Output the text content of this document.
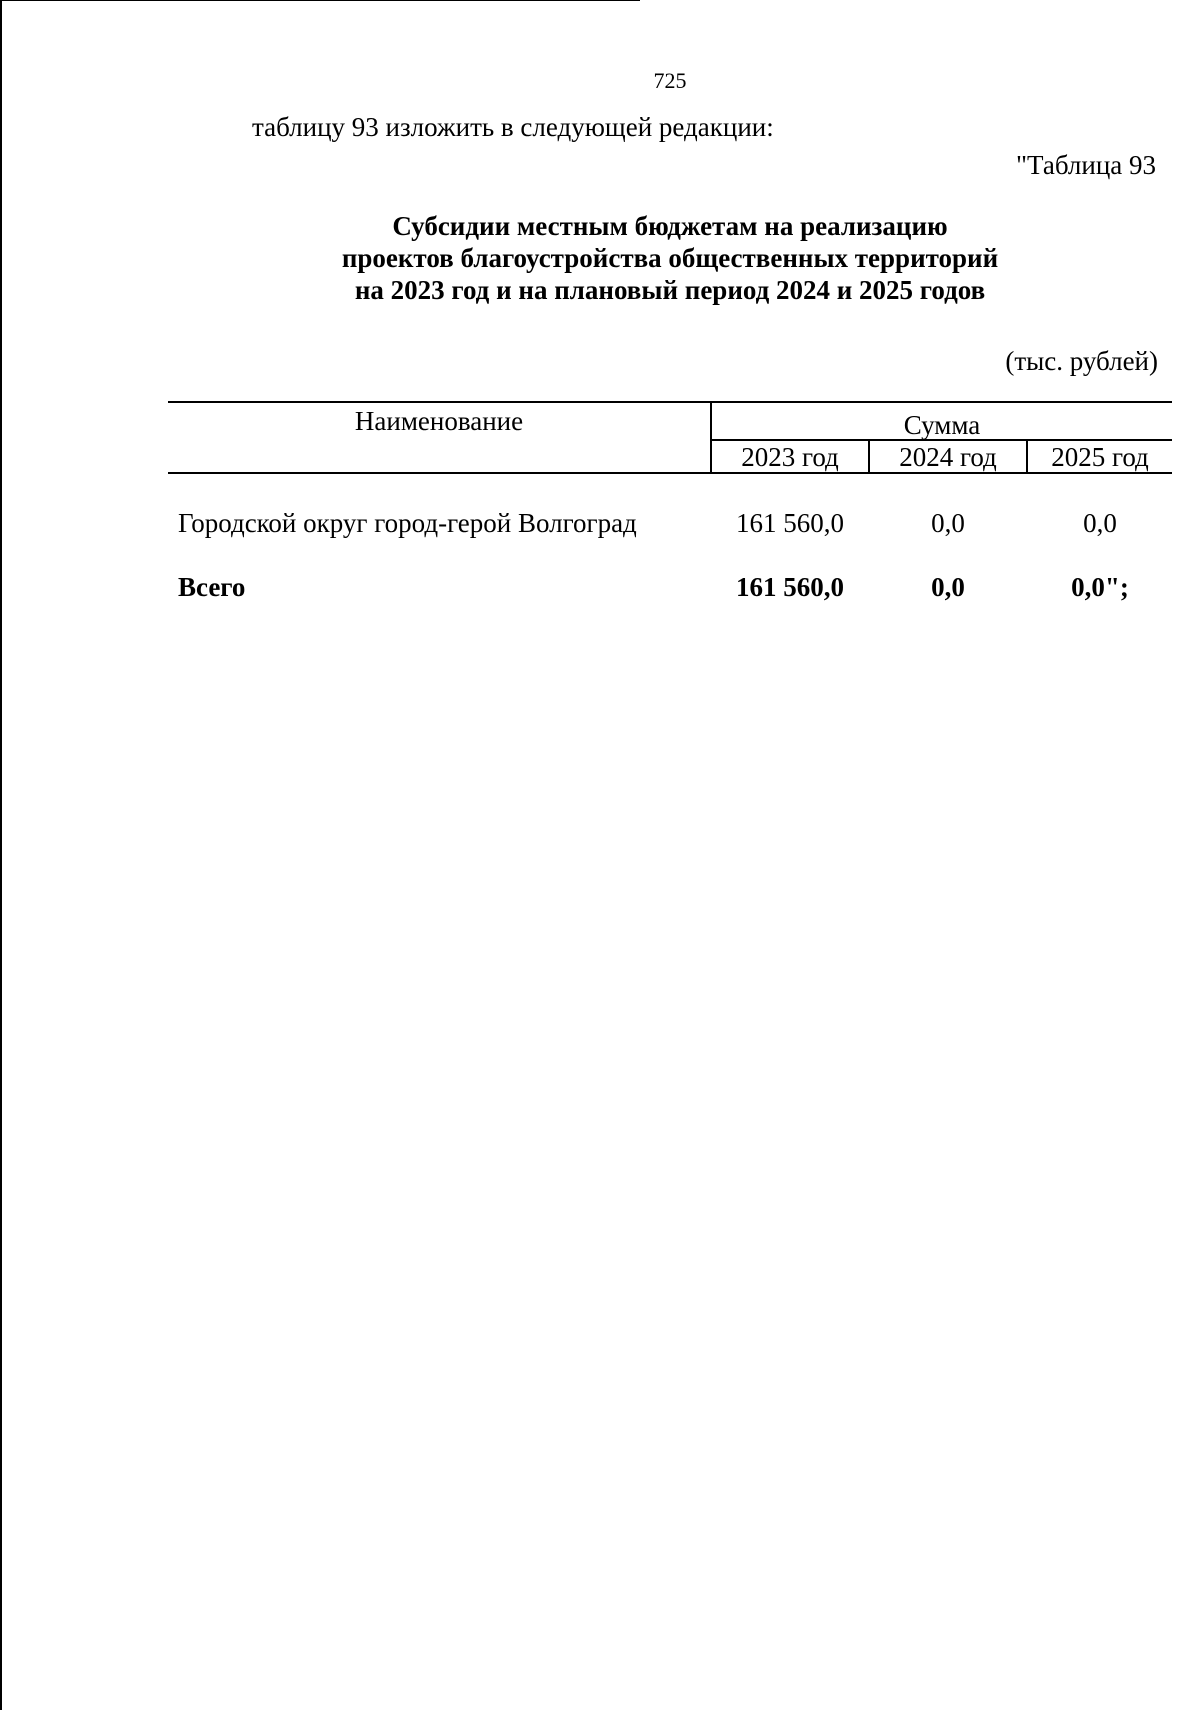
725
таблицу 93 изложить в следующей редакции:
"Таблица 93
Субсидии местным бюджетам на реализацию
проектов благоустройства общественных территорий
на 2023 год и на плановый период 2024 и 2025 годов
(тыс. рублей)
Наименование	Сумма
2023 год	2024 год	2025 год
Городской округ город-герой Волгоград	161 560,0	0,0	0,0
Всего	161 560,0	0,0	0,0";
